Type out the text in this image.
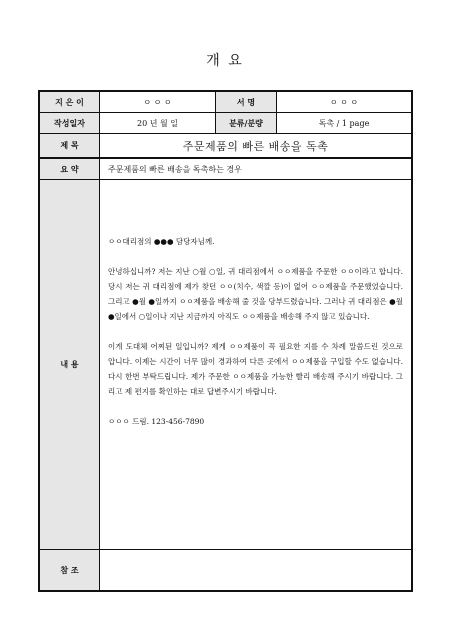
개 요
지 은 이	ㅇ ㅇ ㅇ	서 명	ㅇ ㅇ ㅇ
작성일자	20 년 월 일	분류/분량	독촉 / 1 page
제 목	주문제품의 빠른 배송을 독촉
요 약	주문제품의 빠른 배송을 독촉하는 경우
내 용

ㅇㅇ대리점의 ●●● 담당자님께.

안녕하십니까? 저는 지난 ○월 ○일, 귀 대리점에서 ㅇㅇ제품을 주문한 ㅇㅇ이라고 합니다. 당시 저는 귀 대리점에 제가 찾던 ㅇㅇ(치수, 색깔 등)이 없어 ㅇㅇ제품을 주문했었습니다. 그리고 ●월 ●일까지 ㅇㅇ제품을 배송해 줄 것을 당부드렸습니다. 그러나 귀 대리점은 ●월 ●일에서 ○일이나 지난 지금까지 아직도 ㅇㅇ제품을 배송해 주지 않고 있습니다.

이게 도대체 어찌된 일입니까? 제게 ㅇㅇ제품이 꼭 필요한 지를 수 차례 말씀드린 것으로 압니다. 이제는 시간이 너무 많이 경과하여 다른 곳에서 ㅇㅇ제품을 구입할 수도 없습니다. 다시 한번 부탁드립니다. 제가 주문한 ㅇㅇ제품을 가능한 빨리 배송해 주시기 바랍니다. 그리고 제 편지를 확인하는 대로 답변주시기 바랍니다.

ㅇㅇㅇ 드림. 123-456-7890

참 조
